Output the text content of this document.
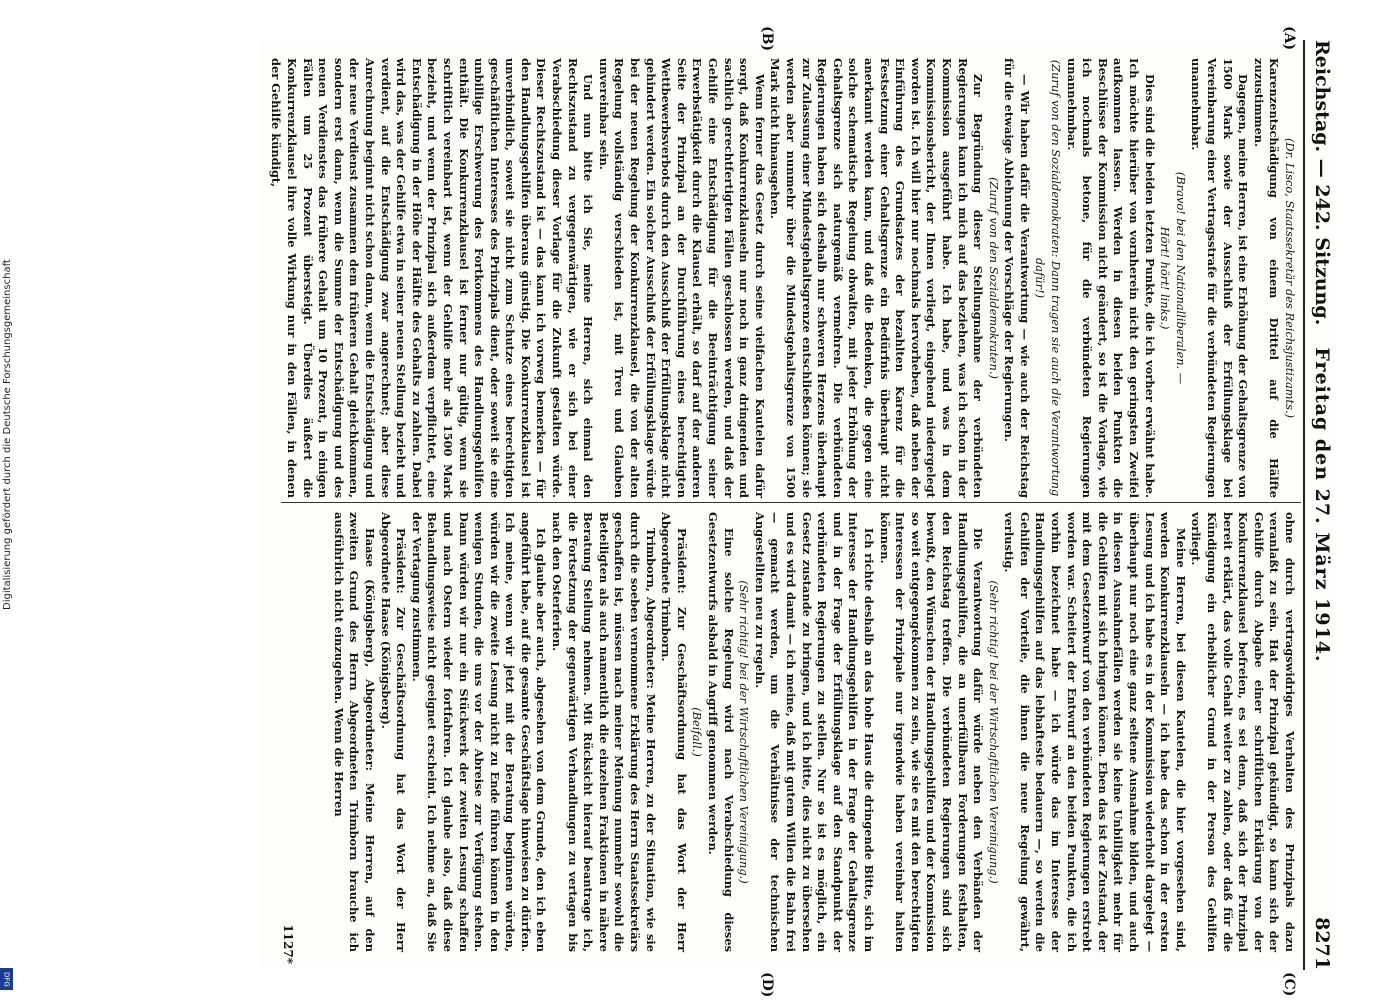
Digitalisierung gefördert durch die Deutsche Forschungsgemeinschaft
DFG
Reichstag. — 242. Sitzung.
Freitag den 27. März 1914.
8271
(A)
(B)
(C)
(D)

(Dr. Lisco, Staatssekretär des Reichsjustizamts.)

Karenzentschädigung von einem Drittel auf die Hälfte zuzustimmen.

Dagegen, meine Herren, ist eine Erhöhung der Gehaltsgrenze von 1500 Mark sowie der Ausschluß der Erfüllungsklage bei Vereinbarung einer Vertragsstrafe für die verbündeten Regierungen unannehmbar.

(Bravo! bei den Nationalliberalen. —

Hört! hört! links.)

Dies sind die beiden letzten Punkte, die ich vorher erwähnt habe. Ich möchte hierüber von vornherein nicht den geringsten Zweifel aufkommen lassen. Werden in diesen beiden Punkten die Beschlüsse der Kommission nicht geändert, so ist die Vorlage, wie ich nochmals betone, für die verbündeten Regierungen unannehmbar.

(Zuruf von den Sozialdemokraten: Dann tragen sie auch die Verantwortung dafür!)

— Wir haben dafür die Verantwortung — wie auch der Reichstag für die etwaige Ablehnung der Vorschläge der Regierungen.

(Zuruf von den Sozialdemokraten.)

Zur Begründung dieser Stellungnahme der verbündeten Regierungen kann ich mich auf das beziehen, was ich schon in der Kommission ausgeführt habe. Ich habe, und was in dem Kommissionsbericht, der Ihnen vorliegt, eingehend niedergelegt worden ist. Ich will hier nur nochmals hervorheben, daß neben der Einführung des Grundsatzes der bezahlten Karenz für die Festsetzung einer Gehaltsgrenze ein Bedürfnis überhaupt nicht anerkannt werden kann, und daß die Bedenken, die gegen eine solche schematische Regelung obwalten, mit jeder Erhöhung der Gehaltsgrenze sich naturgemäß vermehren. Die verbündeten Regierungen haben sich deshalb nur schweren Herzens überhaupt zur Zulassung einer Mindestgehaltsgrenze entschließen können; sie werden aber nunmehr über die Mindestgehaltsgrenze von 1500 Mark nicht hinausgehen.

Wenn ferner das Gesetz durch seine vielfachen Kautelen dafür sorgt, daß Konkurrenzklauseln nur noch in ganz dringenden und sachlich gerechtfertigten Fällen geschlossen werden, und daß der Gehilfe eine Entschädigung für die Beeinträchtigung seiner Erwerbstätigkeit durch die Klausel erhält, so darf auf der anderen Seite der Prinzipal an der Durchführung eines berechtigten Wettbewerbsverbots durch den Ausschluß der Erfüllungsklage nicht gehindert werden. Ein solcher Ausschluß der Erfüllungsklage würde bei der neuen Regelung der Konkurrenzklausel, die von der alten Regelung vollständig verschieden ist, mit Treu und Glauben unvereinbar sein.

Und nun bitte ich Sie, meine Herren, sich einmal den Rechtszustand zu vergegenwärtigen, wie er sich bei einer Verabschiedung dieser Vorlage für die Zukunft gestalten würde. Dieser Rechtszustand ist — das kann ich vorweg bemerken — für den Handlungsgehilfen überaus günstig. Die Konkurrenzklausel ist unverbindlich, soweit sie nicht zum Schutze eines berechtigten geschäftlichen Interesses des Prinzipals dient, oder soweit sie eine unbillige Erschwerung des Fortkommens des Handlungsgehilfen enthält. Die Konkurrenzklausel ist ferner nur gültig, wenn sie schriftlich vereinbart ist, wenn der Gehilfe mehr als 1500 Mark bezieht, und wenn der Prinzipal sich außerdem verpflichtet, eine Entschädigung in der Höhe der Hälfte des Gehalts zu zahlen. Dabei wird das, was der Gehilfe etwa in seiner neuen Stellung bezieht und verdient, auf die Entschädigung zwar angerechnet; aber diese Anrechnung beginnt nicht schon dann, wenn die Entschädigung und der neue Verdienst zusammen dem früheren Gehalt gleichkommen, sondern erst dann, wenn die Summe der Entschädigung und des neuen Verdienstes das frühere Gehalt um 10 Prozent, in einigen Fällen um 25 Prozent übersteigt. Überdies äußert die Konkurrenzklausel ihre volle Wirkung nur in den Fällen, in denen der Gehilfe kündigt,

ohne durch vertragswidriges Verhalten des Prinzipals dazu veranlaßt zu sein. Hat der Prinzipal gekündigt, so kann sich der Gehilfe durch Abgabe einer schriftlichen Erklärung von der Konkurrenzklausel befreien, es sei denn, daß sich der Prinzipal bereit erklärt, das volle Gehalt weiter zu zahlen, oder daß für die Kündigung ein erheblicher Grund in der Person des Gehilfen vorliegt.

Meine Herren, bei diesen Kautelen, die hier vorgesehen sind, werden Konkurrenzklauseln — ich habe das schon in der ersten Lesung und ich habe es in der Kommission wiederholt dargelegt — überhaupt nur noch eine ganz seltene Ausnahme bilden, und auch in diesen Ausnahmefällen werden sie keine Unbilligkeit mehr für die Gehilfen mit sich bringen können. Eben das ist der Zustand, der mit dem Gesetzentwurf von den verbündeten Regierungen erstrebt worden war. Scheitert der Entwurf an den beiden Punkten, die ich vorhin bezeichnet habe — ich würde das im Interesse der Handlungsgehilfen auf das lebhafteste bedauern —, so werden die Gehilfen der Vorteile, die ihnen die neue Regelung gewährt, verlustig.

(Sehr richtig! bei der Wirtschaftlichen Vereinigung.)

Die Verantwortung dafür würde neben den Verbänden der Handlungsgehilfen, die an unerfüllbaren Forderungen festhalten, den Reichstag treffen. Die verbündeten Regierungen sind sich bewußt, den Wünschen der Handlungsgehilfen und der Kommission so weit entgegengekommen zu sein, wie sie es mit den berechtigten Interessen der Prinzipale nur irgendwie haben vereinbar halten können.

Ich richte deshalb an das hohe Haus die dringende Bitte, sich im Interesse der Handlungsgehilfen in der Frage der Gehaltsgrenze und in der Frage der Erfüllungsklage auf den Standpunkt der verbündeten Regierungen zu stellen. Nur so ist es möglich, ein Gesetz zustande zu bringen, und ich bitte, dies nicht zu übersehen und es wird damit — ich meine, daß mit gutem Willen die Bahn frei — gemacht werden, um die Verhältnisse der technischen Angestellten neu zu regeln.

(Sehr richtig! bei der Wirtschaftlichen Vereinigung.)

Eine solche Regelung wird nach Verabschiedung dieses Gesetzentwurfs alsbald in Angriff genommen werden.

(Beifall.)

Präsident: Zur Geschäftsordnung hat das Wort der Herr Abgeordnete Trimborn.

Trimborn, Abgeordneter: Meine Herren, zu der Situation, wie sie durch die soeben vernommene Erklärung des Herrn Staatssekretärs geschaffen ist, müssen nach meiner Meinung nunmehr sowohl die Beteiligten als auch namentlich die einzelnen Fraktionen in nähere Beratung Stellung nehmen. Mit Rücksicht hierauf beantrage ich, die Fortsetzung der gegenwärtigen Verhandlungen zu vertagen bis nach den Osterferien.

Ich glaube aber auch, abgesehen von dem Grunde, den ich eben angeführt habe, auf die gesamte Geschäftslage hinweisen zu dürfen. Ich meine, wenn wir jetzt mit der Beratung beginnen würden, würden wir die zweite Lesung nicht zu Ende führen können in den wenigen Stunden, die uns vor der Abreise zur Verfügung stehen. Dann würden wir nur ein Stückwerk der zweiten Lesung schaffen und nach Ostern wieder fortfahren. Ich glaube also, daß diese Behandlungsweise nicht geeignet erscheint. Ich nehme an, daß Sie der Vertagung zustimmen.

Präsident: Zur Geschäftsordnung hat das Wort der Herr Abgeordnete Haase (Königsberg).

Haase (Königsberg), Abgeordneter: Meine Herren, auf den zweiten Grund des Herrn Abgeordneten Trimborn brauche ich ausführlich nicht einzugehen. Wenn die Herren

1127*
